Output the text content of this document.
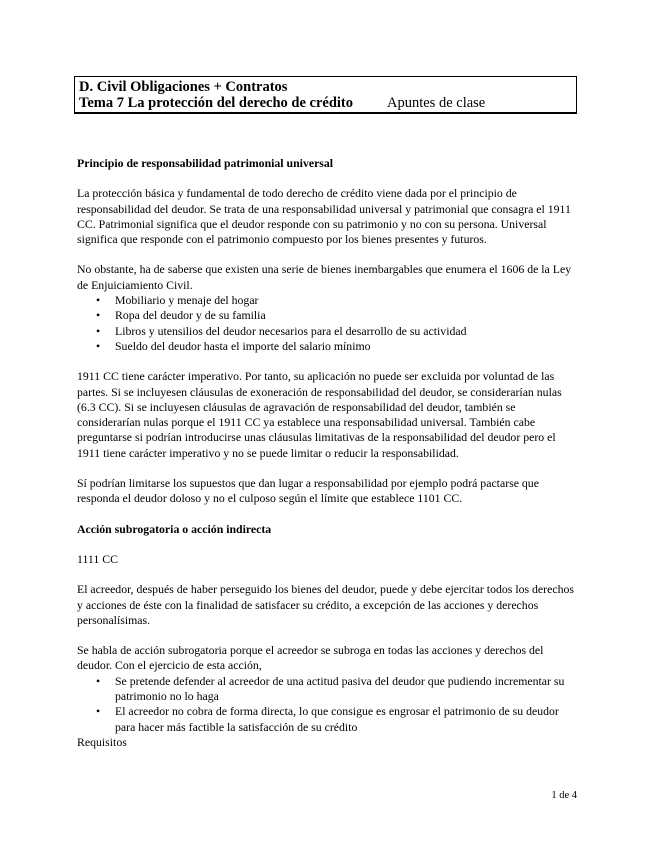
D. Civil Obligaciones + Contratos
Tema 7 La protección del derecho de crédito Apuntes de clase

Principio de responsabilidad patrimonial universal

La protección básica y fundamental de todo derecho de crédito viene dada por el principio de responsabilidad del deudor. Se trata de una responsabilidad universal y patrimonial que consagra el 1911 CC. Patrimonial significa que el deudor responde con su patrimonio y no con su persona. Universal significa que responde con el patrimonio compuesto por los bienes presentes y futuros.

No obstante, ha de saberse que existen una serie de bienes inembargables que enumera el 1606 de la Ley de Enjuiciamiento Civil.

• Mobiliario y menaje del hogar
• Ropa del deudor y de su familia
• Libros y utensilios del deudor necesarios para el desarrollo de su actividad
• Sueldo del deudor hasta el importe del salario mínimo

1911 CC tiene carácter imperativo. Por tanto, su aplicación no puede ser excluida por voluntad de las partes. Si se incluyesen cláusulas de exoneración de responsabilidad del deudor, se considerarían nulas (6.3 CC). Si se incluyesen cláusulas de agravación de responsabilidad del deudor, también se considerarían nulas porque el 1911 CC ya establece una responsabilidad universal. También cabe preguntarse si podrían introducirse unas cláusulas limitativas de la responsabilidad del deudor pero el 1911 tiene carácter imperativo y no se puede limitar o reducir la responsabilidad.

Sí podrían limitarse los supuestos que dan lugar a responsabilidad por ejemplo podrá pactarse que responda el deudor doloso y no el culposo según el límite que establece 1101 CC.

Acción subrogatoria o acción indirecta

1111 CC

El acreedor, después de haber perseguido los bienes del deudor, puede y debe ejercitar todos los derechos y acciones de éste con la finalidad de satisfacer su crédito, a excepción de las acciones y derechos personalísimas.

Se habla de acción subrogatoria porque el acreedor se subroga en todas las acciones y derechos del deudor. Con el ejercicio de esta acción,

• Se pretende defender al acreedor de una actitud pasiva del deudor que pudiendo incrementar su patrimonio no lo haga
• El acreedor no cobra de forma directa, lo que consigue es engrosar el patrimonio de su deudor para hacer más factible la satisfacción de su crédito

Requisitos

1 de 4
